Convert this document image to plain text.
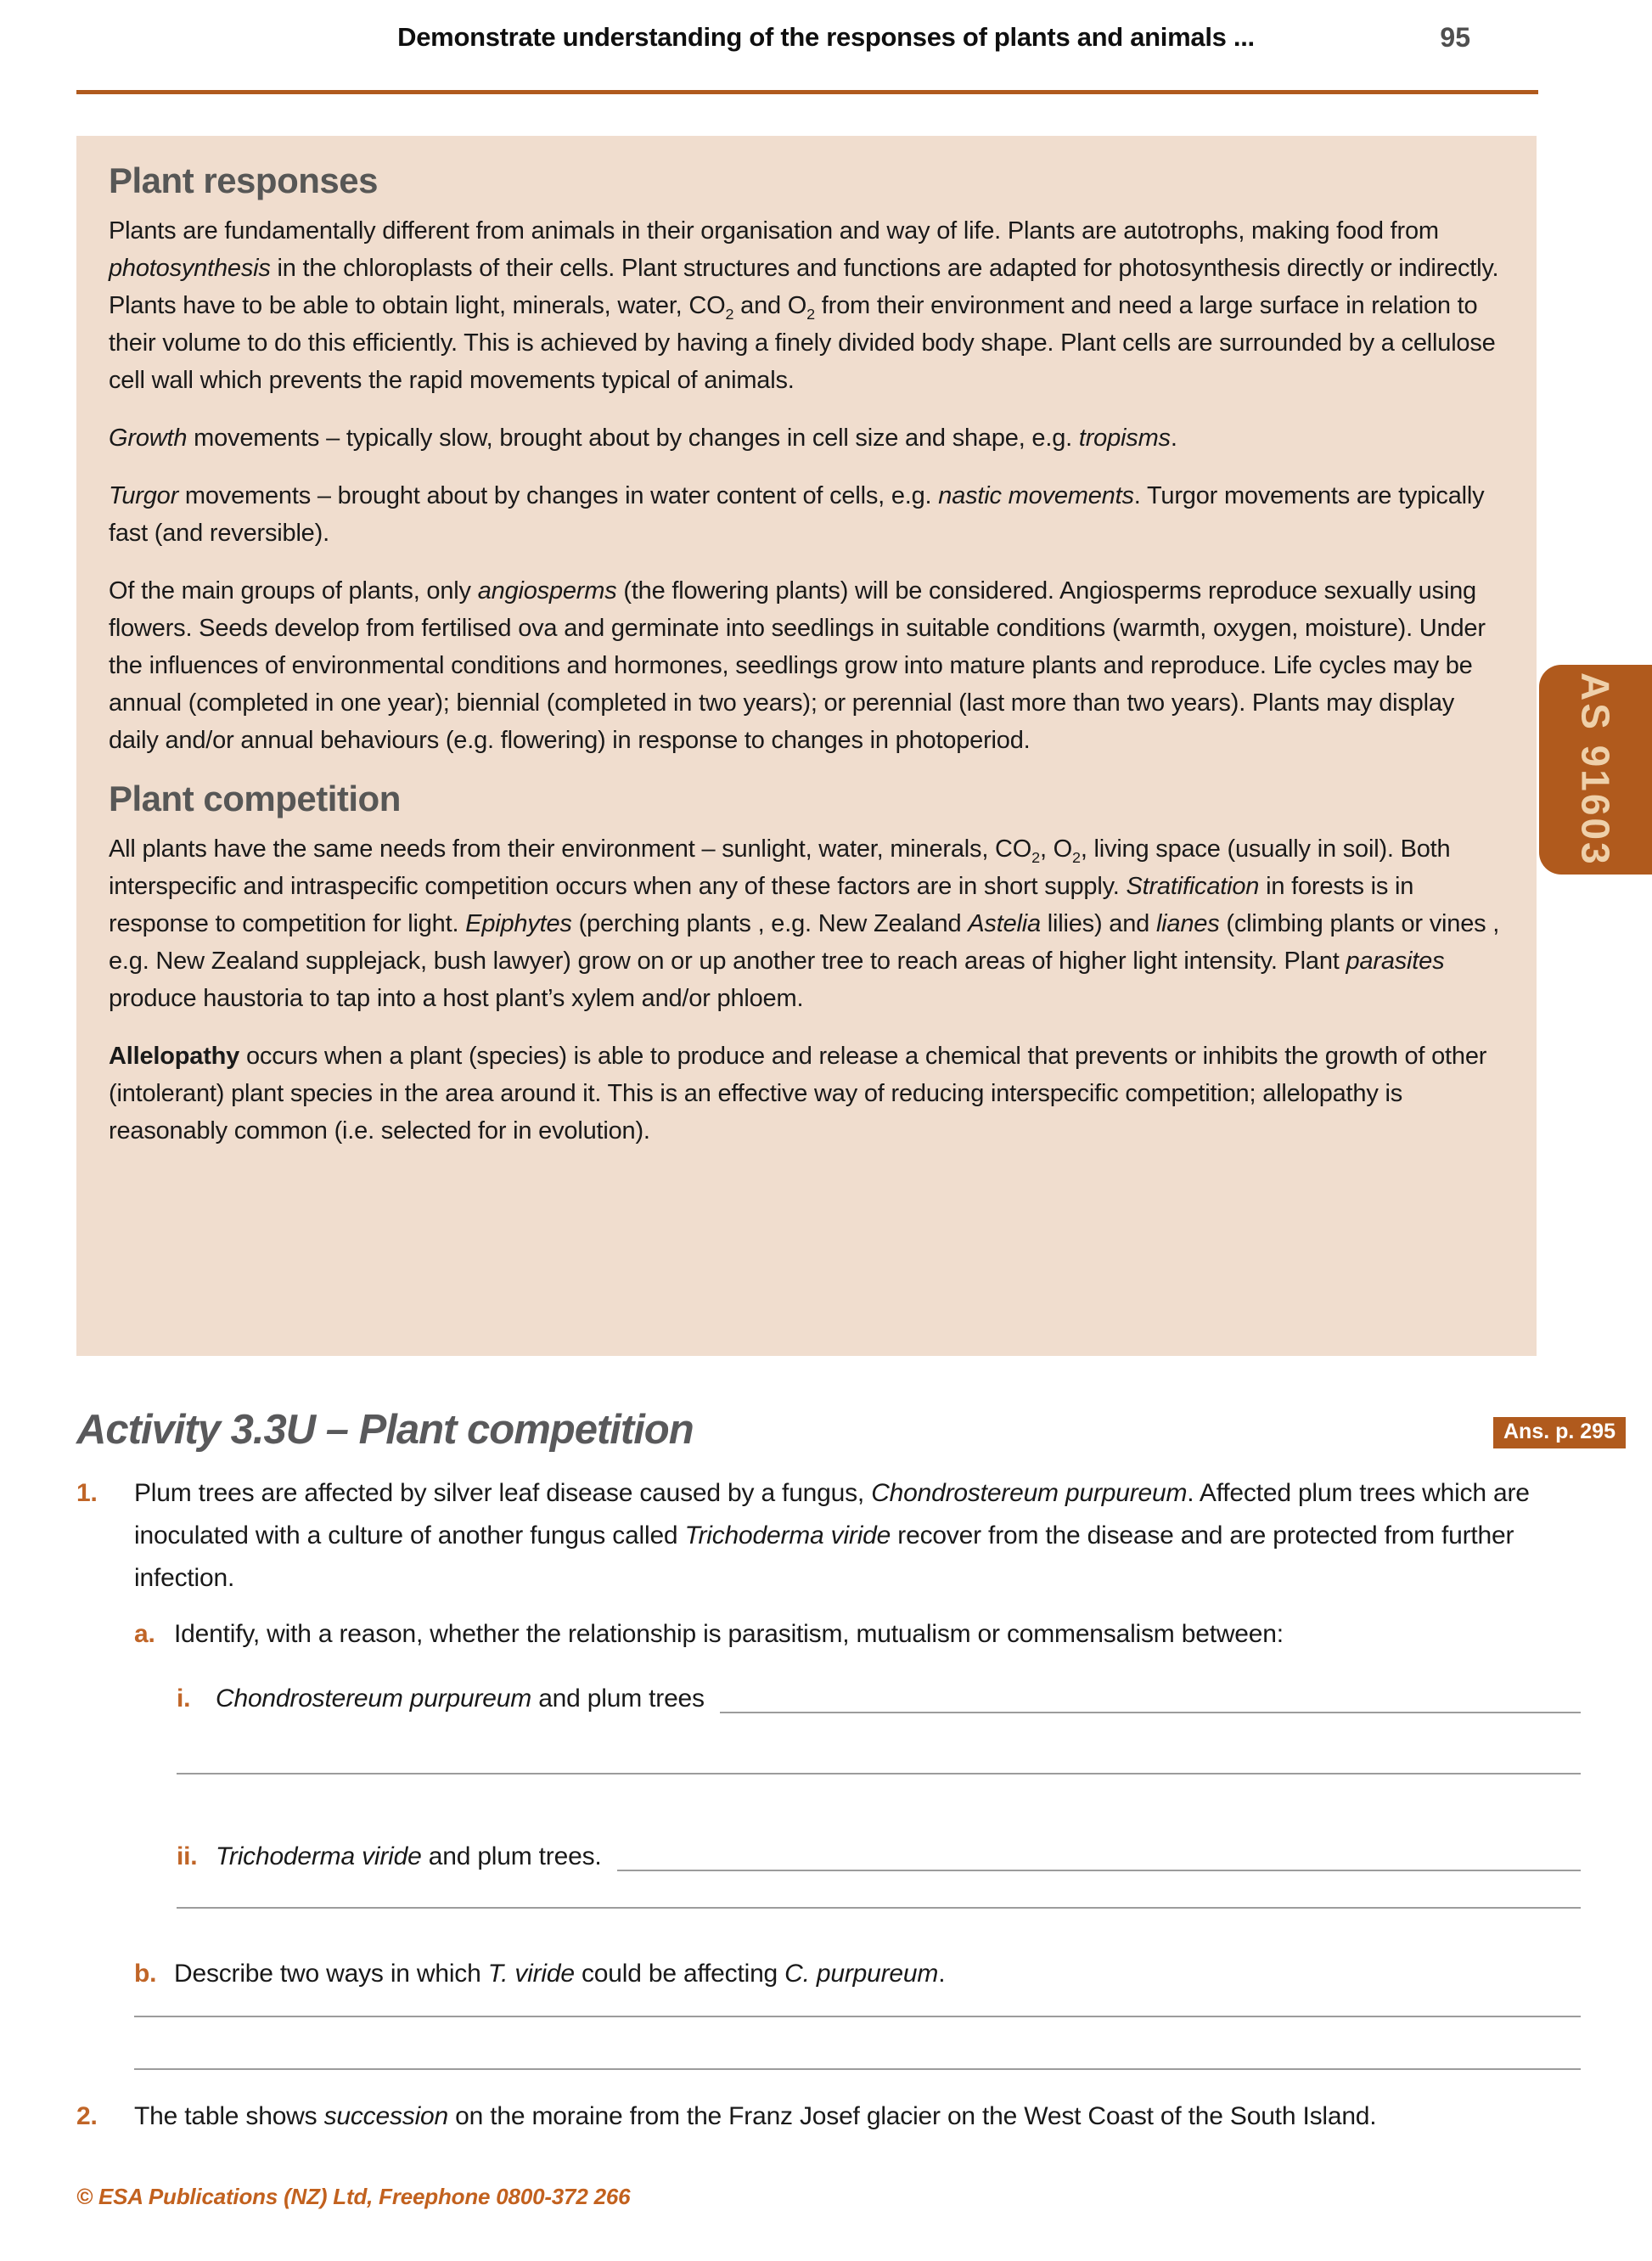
Demonstrate understanding of the responses of plants and animals ...	95
Plant responses

Plants are fundamentally different from animals in their organisation and way of life. Plants are autotrophs, making food from photosynthesis in the chloroplasts of their cells. Plant structures and functions are adapted for photosynthesis directly or indirectly. Plants have to be able to obtain light, minerals, water, $CO_2$ and $O_2$ from their environment and need a large surface in relation to their volume to do this efficiently. This is achieved by having a finely divided body shape. Plant cells are surrounded by a cellulose cell wall which prevents the rapid movements typical of animals.

Growth movements – typically slow, brought about by changes in cell size and shape, e.g. tropisms.

Turgor movements – brought about by changes in water content of cells, e.g. nastic movements. Turgor movements are typically fast (and reversible).

Of the main groups of plants, only angiosperms (the flowering plants) will be considered. Angiosperms reproduce sexually using flowers. Seeds develop from fertilised ova and germinate into seedlings in suitable conditions (warmth, oxygen, moisture). Under the influences of environmental conditions and hormones, seedlings grow into mature plants and reproduce. Life cycles may be annual (completed in one year); biennial (completed in two years); or perennial (last more than two years). Plants may display daily and/or annual behaviours (e.g. flowering) in response to changes in photoperiod.

Plant competition

All plants have the same needs from their environment – sunlight, water, minerals, $CO_2$, $O_2$, living space (usually in soil). Both interspecific and intraspecific competition occurs when any of these factors are in short supply. Stratification in forests is in response to competition for light. Epiphytes (perching plants , e.g. New Zealand Astelia lilies) and lianes (climbing plants or vines , e.g. New Zealand supplejack, bush lawyer) grow on or up another tree to reach areas of higher light intensity. Plant parasites produce haustoria to tap into a host plant’s xylem and/or phloem.

Allelopathy occurs when a plant (species) is able to produce and release a chemical that prevents or inhibits the growth of other (intolerant) plant species in the area around it. This is an effective way of reducing interspecific competition; allelopathy is reasonably common (i.e. selected for in evolution).

AS 91603
Activity 3.3U – Plant competition	Ans. p. 295
1.	Plum trees are affected by silver leaf disease caused by a fungus, Chondrostereum purpureum. Affected plum trees which are inoculated with a culture of another fungus called Trichoderma viride recover from the disease and are protected from further infection.
a. Identify, with a reason, whether the relationship is parasitism, mutualism or commensalism between:
i. Chondrostereum purpureum and plum trees
ii. Trichoderma viride and plum trees.
b. Describe two ways in which T. viride could be affecting C. purpureum.
2.	The table shows succession on the moraine from the Franz Josef glacier on the West Coast of the South Island.
© ESA Publications (NZ) Ltd, Freephone 0800-372 266
